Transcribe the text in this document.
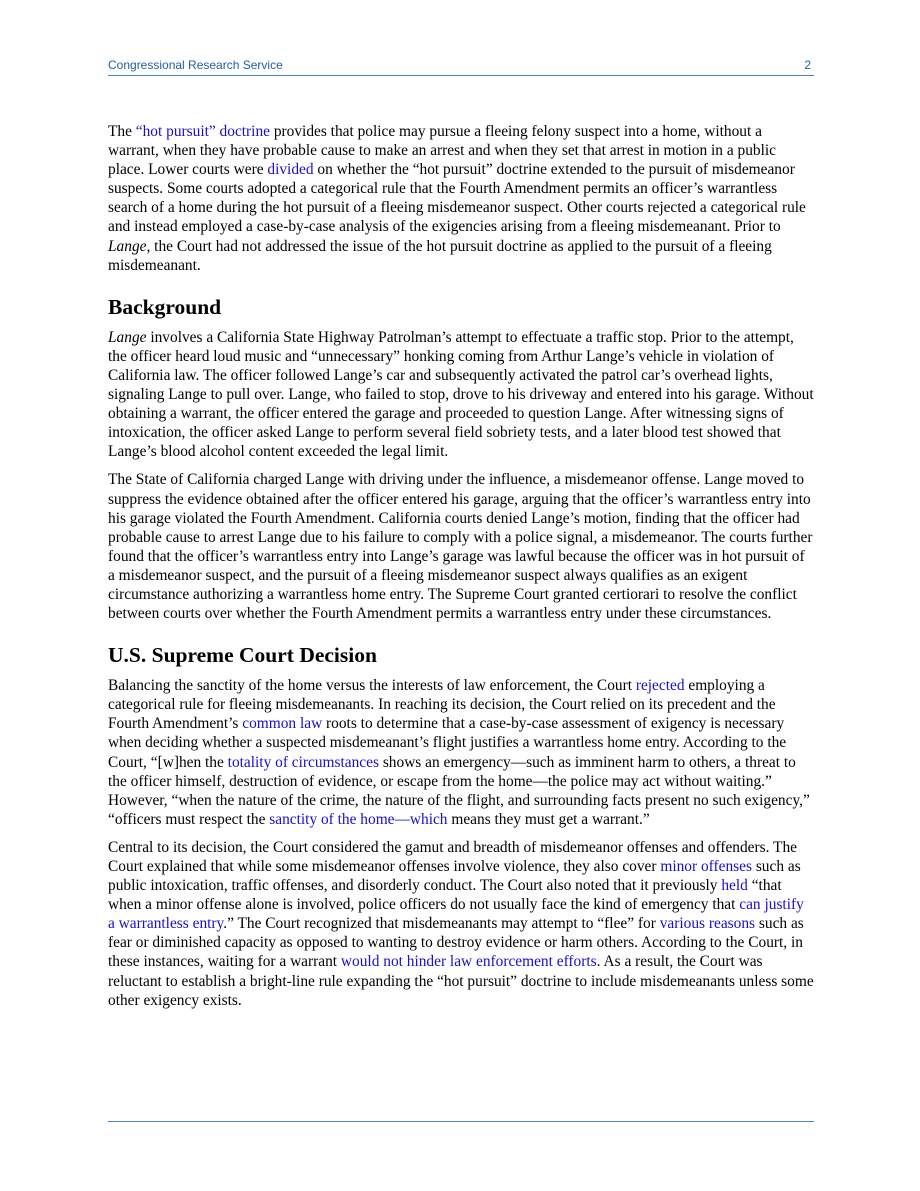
Congressional Research Service	2

The “hot pursuit” doctrine provides that police may pursue a fleeing felony suspect into a home, without a warrant, when they have probable cause to make an arrest and when they set that arrest in motion in a public place. Lower courts were divided on whether the “hot pursuit” doctrine extended to the pursuit of misdemeanor suspects. Some courts adopted a categorical rule that the Fourth Amendment permits an officer’s warrantless search of a home during the hot pursuit of a fleeing misdemeanor suspect. Other courts rejected a categorical rule and instead employed a case-by-case analysis of the exigencies arising from a fleeing misdemeanant. Prior to Lange, the Court had not addressed the issue of the hot pursuit doctrine as applied to the pursuit of a fleeing misdemeanant.

Background

Lange involves a California State Highway Patrolman’s attempt to effectuate a traffic stop. Prior to the attempt, the officer heard loud music and “unnecessary” honking coming from Arthur Lange’s vehicle in violation of California law. The officer followed Lange’s car and subsequently activated the patrol car’s overhead lights, signaling Lange to pull over. Lange, who failed to stop, drove to his driveway and entered into his garage. Without obtaining a warrant, the officer entered the garage and proceeded to question Lange. After witnessing signs of intoxication, the officer asked Lange to perform several field sobriety tests, and a later blood test showed that Lange’s blood alcohol content exceeded the legal limit.

The State of California charged Lange with driving under the influence, a misdemeanor offense. Lange moved to suppress the evidence obtained after the officer entered his garage, arguing that the officer’s warrantless entry into his garage violated the Fourth Amendment. California courts denied Lange’s motion, finding that the officer had probable cause to arrest Lange due to his failure to comply with a police signal, a misdemeanor. The courts further found that the officer’s warrantless entry into Lange’s garage was lawful because the officer was in hot pursuit of a misdemeanor suspect, and the pursuit of a fleeing misdemeanor suspect always qualifies as an exigent circumstance authorizing a warrantless home entry. The Supreme Court granted certiorari to resolve the conflict between courts over whether the Fourth Amendment permits a warrantless entry under these circumstances.

U.S. Supreme Court Decision

Balancing the sanctity of the home versus the interests of law enforcement, the Court rejected employing a categorical rule for fleeing misdemeanants. In reaching its decision, the Court relied on its precedent and the Fourth Amendment’s common law roots to determine that a case-by-case assessment of exigency is necessary when deciding whether a suspected misdemeanant’s flight justifies a warrantless home entry. According to the Court, “[w]hen the totality of circumstances shows an emergency—such as imminent harm to others, a threat to the officer himself, destruction of evidence, or escape from the home—the police may act without waiting.” However, “when the nature of the crime, the nature of the flight, and surrounding facts present no such exigency,” “officers must respect the sanctity of the home—which means they must get a warrant.”

Central to its decision, the Court considered the gamut and breadth of misdemeanor offenses and offenders. The Court explained that while some misdemeanor offenses involve violence, they also cover minor offenses such as public intoxication, traffic offenses, and disorderly conduct. The Court also noted that it previously held “that when a minor offense alone is involved, police officers do not usually face the kind of emergency that can justify a warrantless entry.” The Court recognized that misdemeanants may attempt to “flee” for various reasons such as fear or diminished capacity as opposed to wanting to destroy evidence or harm others. According to the Court, in these instances, waiting for a warrant would not hinder law enforcement efforts. As a result, the Court was reluctant to establish a bright-line rule expanding the “hot pursuit” doctrine to include misdemeanants unless some other exigency exists.
